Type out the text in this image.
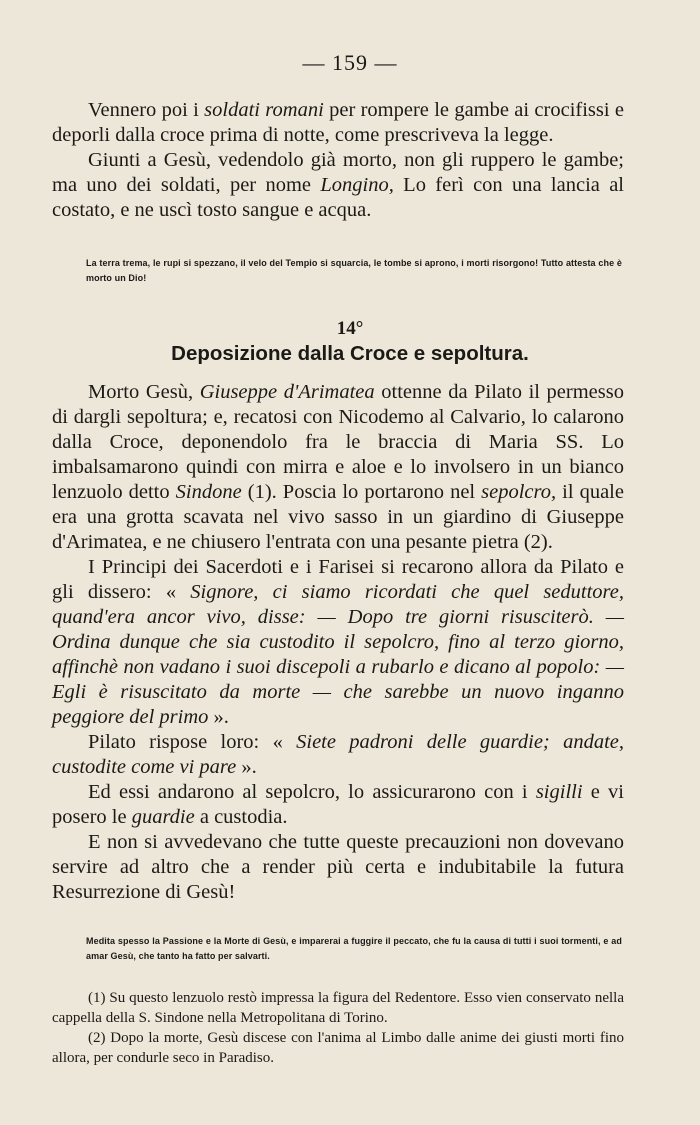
— 159 —

Vennero poi i soldati romani per rompere le gambe ai crocifissi e deporli dalla croce prima di notte, come prescriveva la legge.

Giunti a Gesù, vedendolo già morto, non gli ruppero le gambe; ma uno dei soldati, per nome Longino, Lo ferì con una lancia al costato, e ne uscì tosto sangue e acqua.

La terra trema, le rupi si spezzano, il velo del Tempio si squarcia, le tombe si aprono, i morti risorgono! Tutto attesta che è morto un Dio!
14°
Deposizione dalla Croce e sepoltura.

Morto Gesù, Giuseppe d'Arimatea ottenne da Pilato il permesso di dargli sepoltura; e, recatosi con Nicodemo al Calvario, lo calarono dalla Croce, deponendolo fra le braccia di Maria SS. Lo imbalsamarono quindi con mirra e aloe e lo involsero in un bianco lenzuolo detto Sindone (1). Poscia lo portarono nel sepolcro, il quale era una grotta scavata nel vivo sasso in un giardino di Giuseppe d'Arimatea, e ne chiusero l'entrata con una pesante pietra (2).

I Principi dei Sacerdoti e i Farisei si recarono allora da Pilato e gli dissero: « Signore, ci siamo ricordati che quel seduttore, quand'era ancor vivo, disse: — Dopo tre giorni risusciterò. — Ordina dunque che sia custodito il sepolcro, fino al terzo giorno, affinchè non vadano i suoi discepoli a rubarlo e dicano al popolo: — Egli è risuscitato da morte — che sarebbe un nuovo inganno peggiore del primo ».

Pilato rispose loro: « Siete padroni delle guardie; andate, custodite come vi pare ».

Ed essi andarono al sepolcro, lo assicurarono con i sigilli e vi posero le guardie a custodia.

E non si avvedevano che tutte queste precauzioni non dovevano servire ad altro che a render più certa e indubitabile la futura Resurrezione di Gesù!

Medita spesso la Passione e la Morte di Gesù, e imparerai a fuggire il peccato, che fu la causa di tutti i suoi tormenti, e ad amar Gesù, che tanto ha fatto per salvarti.

(1) Su questo lenzuolo restò impressa la figura del Redentore. Esso vien conservato nella cappella della S. Sindone nella Metropolitana di Torino.

(2) Dopo la morte, Gesù discese con l'anima al Limbo dalle anime dei giusti morti fino allora, per condurle seco in Paradiso.
